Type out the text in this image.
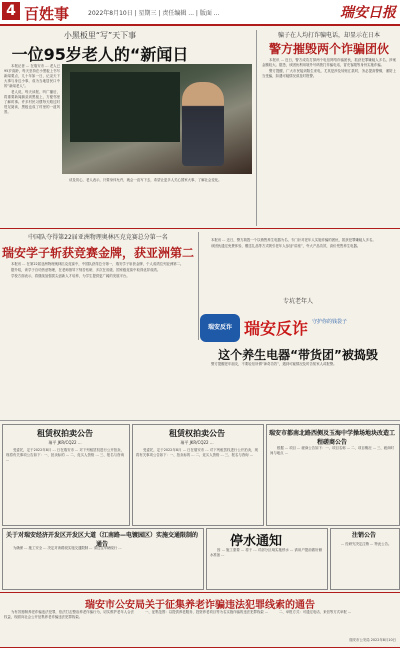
4 百姓事	2022年8月10日 | 星期三 | 责任编辑 ... | 版面 ...	瑞安日报
小黑板里“写”天下事
一位95岁老人的“新闻日

本报记者 ... 在瑞安市 ... 老人已95岁高龄，每天坚持在小黑板上书写新闻要点，几十年如一日，记录天下大事与身边小事，成为当地居民口中的“新闻老人”。

老人说，每天读报、听广播后，将重要新闻摘录到黑板上，方便邻里了解时事。许多村民习惯每天路过时驻足阅读，黑板也成了村里的一道风景。

谈及初心，老人表示，只要身体允许，就会一直写下去，希望让更多人关心国家大事、了解社会变化。

骗子在人均打诈骗电话，却显示在日本
警方摧毁两个诈骗团伙

本报讯 ... 近日，警方成功打掉两个电信网络诈骗团伙，抓获犯罪嫌疑人多名，涉案金额较大。据悉，该团伙利用境外号码拨打诈骗电话，冒充客服等身份实施诈骗。

警方提醒，广大市民接到陌生来电，尤其是涉及转账汇款时，务必提高警惕，谨防上当受骗，如遇可疑情况请及时报警。

中国队夺得第22届亚洲物理奥林匹克竞赛总分第一名
瑞安学子斩获竞赛金牌，获亚洲第二

本报讯 ... 在第22届亚洲物理奥林匹克竞赛中，中国队获得总分第一，瑞安学子斩获金牌，个人成绩位列亚洲第二。

据介绍，该学子自幼热爱物理，在老师指导下刻苦钻研，多次在省级、国家级竞赛中取得优异成绩。

学校方面表示，将继续加强拔尖创新人才培养，为学生提供更广阔的发展平台。

瑞安反诈 瑞安反诈 守护你的钱袋子
专坑老年人
这个养生电器“带货团”被捣毁

本报讯 ... 近日，警方捣毁一个以销售养生电器为名、专门针对老年人实施诈骗的团伙，抓获犯罪嫌疑人多名。

该团伙通过免费体验、赠送礼品等方式吸引老年人参加“讲座”，夸大产品功效，高价兜售养生电器。

警方提醒老年朋友，不要轻信所谓“神奇功效”，遇到可疑情况及时告知家人或报警。

租赁权拍卖公告
瑞平 JKR/CQ22 ...

受委托，定于2022年8月 ... 日在瑞安市 ... 对下列租赁权进行公开拍卖，现将有关事项公告如下：一、拍卖标的 ... 二、竞买人资格 ... 三、报名与咨询 ...

租赁权拍卖公告
瑞平 JKR/CQ22 ...

受委托，定于2022年8月 ... 日在瑞安市 ... 对下列租赁权进行公开拍卖，现将有关事项公告如下：一、拍卖标的 ... 二、竞买人资格 ... 三、报名与咨询 ...

瑞安市都南北路西侧及玉海中学操场地块改造工程磋商公告

根据 ... 项目 ... 磋商公告如下：一、项目名称 ... 二、项目概况 ... 三、磋商时间与地点 ...

关于对瑞安经济开发区开发区大道（江南路—电镀园区）实施交通限制的通告

为确保 ... 施工安全 ... 决定对该路段实施交通限制 ... 请过往车辆绕行 ...	停水通知

因 ... 施工需要 ... 将于 ... 对部分区域实施停水 ... 请用户提前做好储水准备 ...

注销公告

... 经研究决定注销 ... 特此公告。

瑞安市公安局关于征集养老诈骗违法犯罪线索的通告

为有效遏制养老诈骗违法犯罪，依法打击整治养老诈骗行为，切实维护老年人合法权益，现面向社会公开征集养老诈骗违法犯罪线索。

一、征集范围：以提供养老服务、投资养老项目等为名实施诈骗的违法犯罪线索 ...	二、举报方式：可通过电话、来信等方式举报 ...

瑞安市公安局 2022年8月10日
